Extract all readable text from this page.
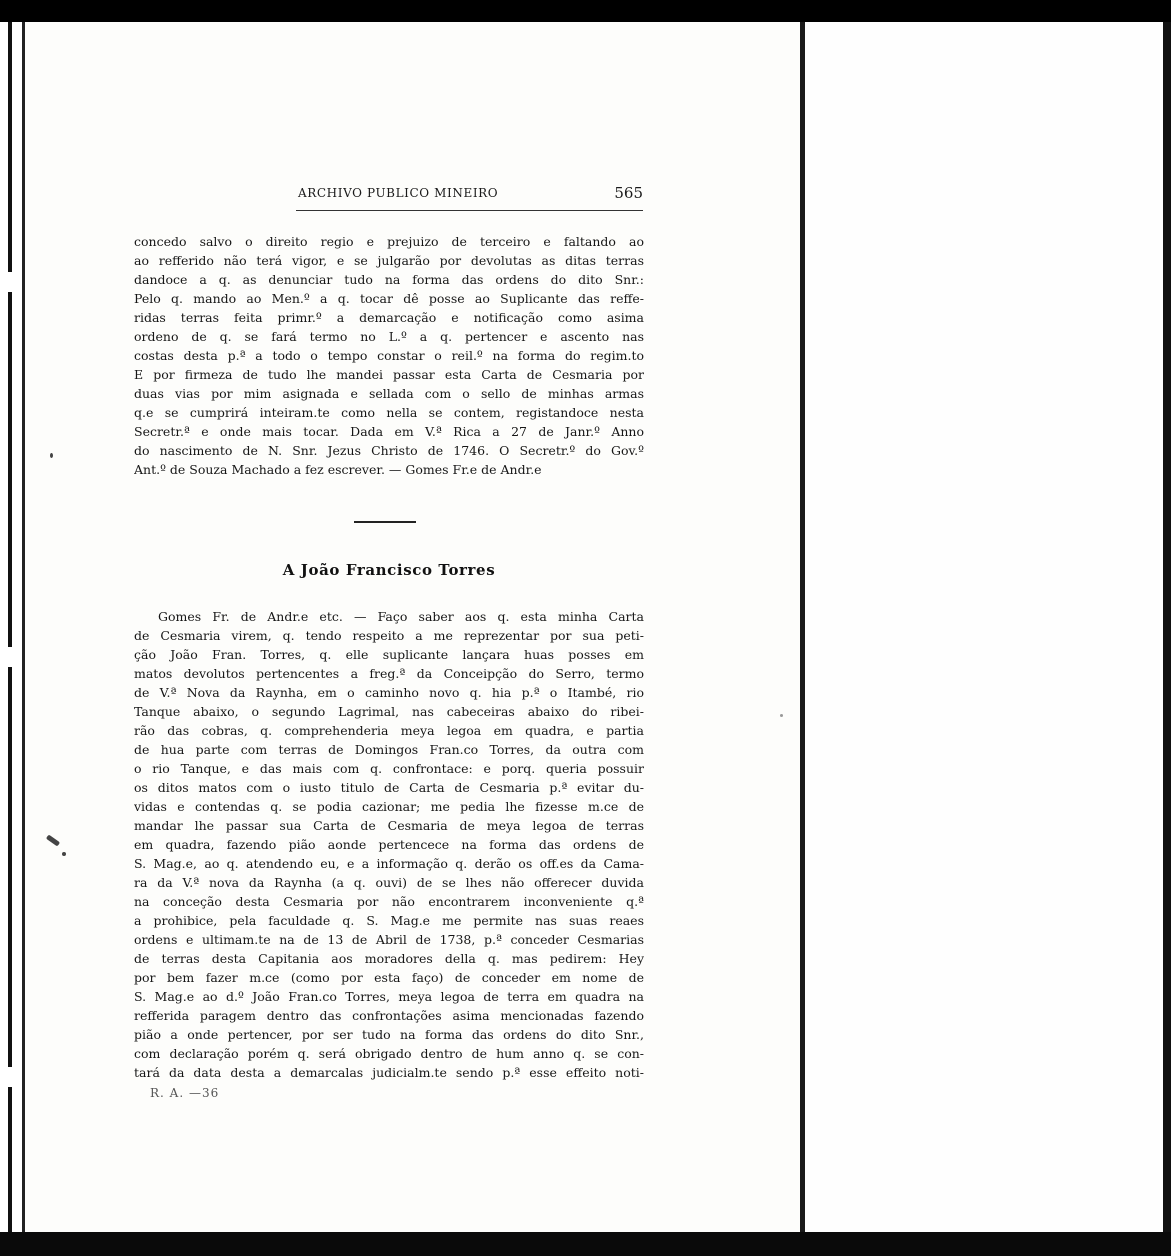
ARCHIVO PUBLICO MINEIRO	565
concedo salvo o direito regio e prejuizo de terceiro e faltando ao
ao refferido não terá vigor, e se julgarão por devolutas as ditas terras
dandoce a q. as denunciar tudo na forma das ordens do dito Snr.:
Pelo q. mando ao Men.º a q. tocar dê posse ao Suplicante das reffe-
ridas terras feita primr.º a demarcação e notificação como asima
ordeno de q. se fará termo no L.º a q. pertencer e ascento nas
costas desta p.ª a todo o tempo constar o reil.º na forma do regim.to
E por firmeza de tudo lhe mandei passar esta Carta de Cesmaria por
duas vias por mim asignada e sellada com o sello de minhas armas
q.e se cumprirá inteiram.te como nella se contem, registandoce nesta
Secretr.ª e onde mais tocar. Dada em V.ª Rica a 27 de Janr.º Anno
do nascimento de N. Snr. Jezus Christo de 1746. O Secretr.º do Gov.º
Ant.º de Souza Machado a fez escrever. — Gomes Fr.e de Andr.e
A João Francisco Torres
Gomes Fr. de Andr.e etc. — Faço saber aos q. esta minha Carta
de Cesmaria virem, q. tendo respeito a me reprezentar por sua peti-
ção João Fran. Torres, q. elle suplicante lançara huas posses em
matos devolutos pertencentes a freg.ª da Conceipção do Serro, termo
de V.ª Nova da Raynha, em o caminho novo q. hia p.ª o Itambé, rio
Tanque abaixo, o segundo Lagrimal, nas cabeceiras abaixo do ribei-
rão das cobras, q. comprehenderia meya legoa em quadra, e partia
de hua parte com terras de Domingos Fran.co Torres, da outra com
o rio Tanque, e das mais com q. confrontace: e porq. queria possuir
os ditos matos com o iusto titulo de Carta de Cesmaria p.ª evitar du-
vidas e contendas q. se podia cazionar; me pedia lhe fizesse m.ce de
mandar lhe passar sua Carta de Cesmaria de meya legoa de terras
em quadra, fazendo pião aonde pertencece na forma das ordens de
S. Mag.e, ao q. atendendo eu, e a informação q. derão os off.es da Cama-
ra da V.ª nova da Raynha (a q. ouvi) de se lhes não offerecer duvida
na conceção desta Cesmaria por não encontrarem inconveniente q.ª
a prohibice, pela faculdade q. S. Mag.e me permite nas suas reaes
ordens e ultimam.te na de 13 de Abril de 1738, p.ª conceder Cesmarias
de terras desta Capitania aos moradores della q. mas pedirem: Hey
por bem fazer m.ce (como por esta faço) de conceder em nome de
S. Mag.e ao d.º João Fran.co Torres, meya legoa de terra em quadra na
refferida paragem dentro das confrontações asima mencionadas fazendo
pião a onde pertencer, por ser tudo na forma das ordens do dito Snr.,
com declaração porém q. será obrigado dentro de hum anno q. se con-
tará da data desta a demarcalas judicialm.te sendo p.ª esse effeito noti-
R. A. —36
